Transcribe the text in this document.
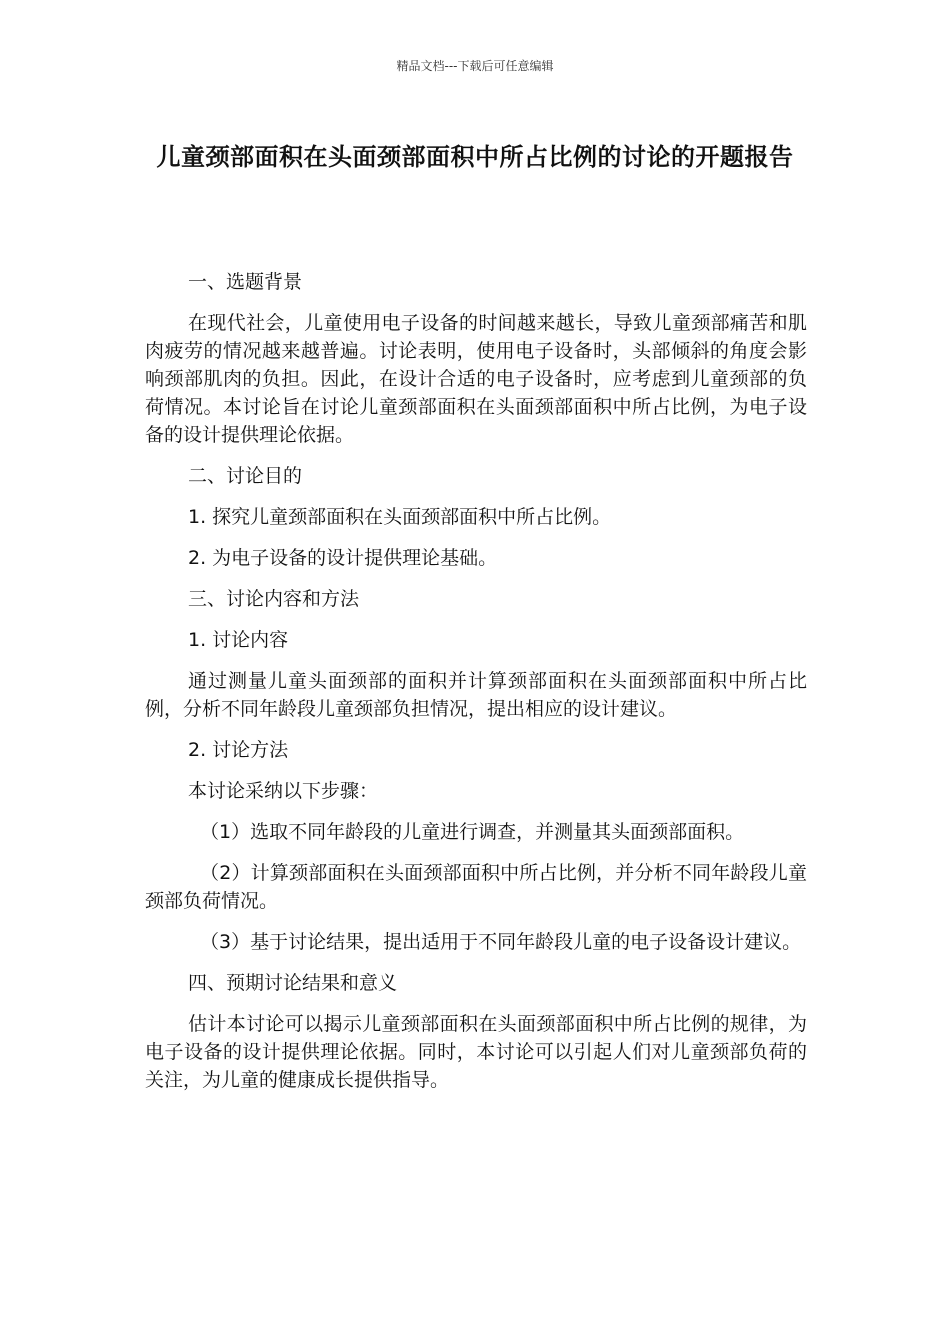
精品文档---下载后可任意编辑
儿童颈部面积在头面颈部面积中所占比例的讨论的开题报告

一、选题背景

在现代社会，儿童使用电子设备的时间越来越长，导致儿童颈部痛苦和肌肉疲劳的情况越来越普遍。讨论表明，使用电子设备时，头部倾斜的角度会影响颈部肌肉的负担。因此，在设计合适的电子设备时，应考虑到儿童颈部的负荷情况。本讨论旨在讨论儿童颈部面积在头面颈部面积中所占比例，为电子设备的设计提供理论依据。

二、讨论目的

1. 探究儿童颈部面积在头面颈部面积中所占比例。

2. 为电子设备的设计提供理论基础。

三、讨论内容和方法

1. 讨论内容

通过测量儿童头面颈部的面积并计算颈部面积在头面颈部面积中所占比例，分析不同年龄段儿童颈部负担情况，提出相应的设计建议。

2. 讨论方法

本讨论采纳以下步骤：

（1）选取不同年龄段的儿童进行调查，并测量其头面颈部面积。

（2）计算颈部面积在头面颈部面积中所占比例，并分析不同年龄段儿童颈部负荷情况。

（3）基于讨论结果，提出适用于不同年龄段儿童的电子设备设计建议。

四、预期讨论结果和意义

估计本讨论可以揭示儿童颈部面积在头面颈部面积中所占比例的规律，为电子设备的设计提供理论依据。同时，本讨论可以引起人们对儿童颈部负荷的关注，为儿童的健康成长提供指导。
